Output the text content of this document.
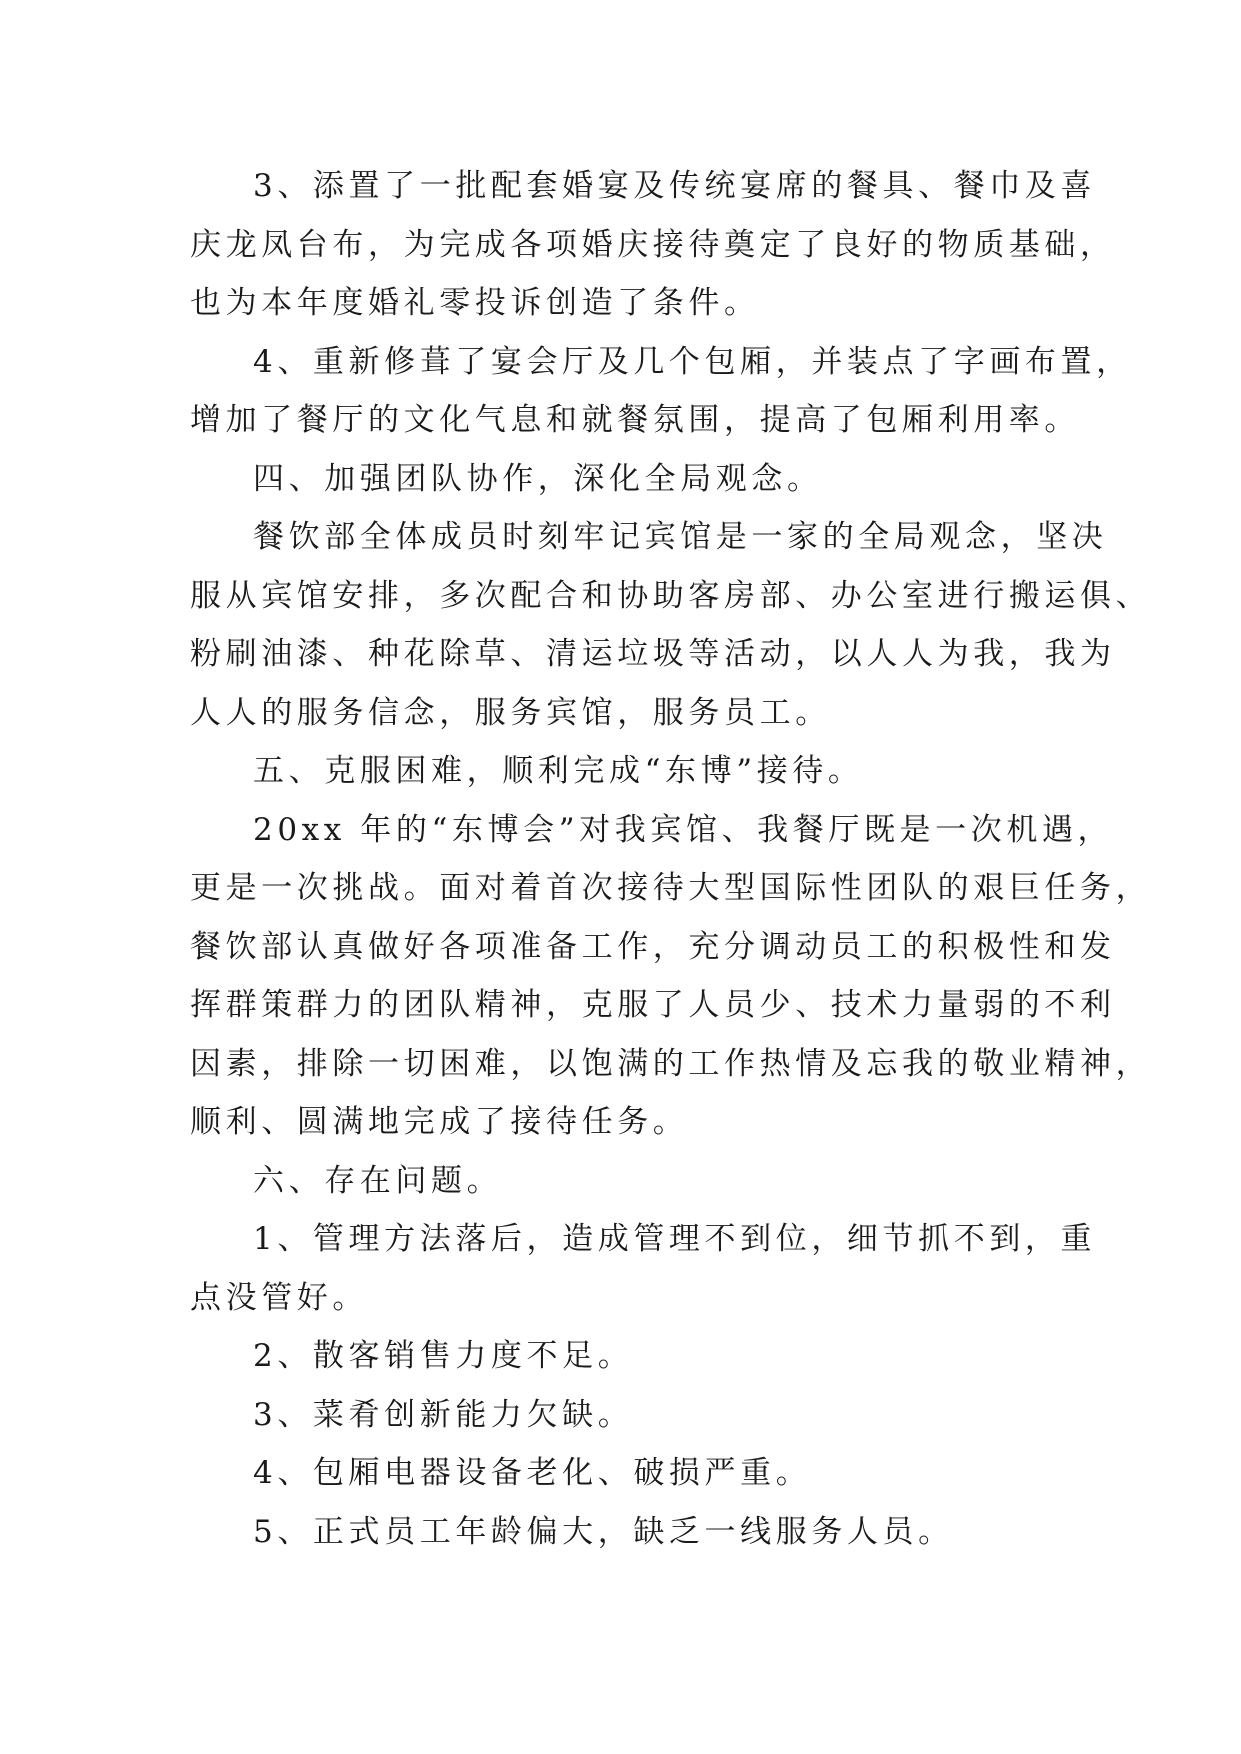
3、添置了一批配套婚宴及传统宴席的餐具、餐巾及喜
庆龙凤台布，为完成各项婚庆接待奠定了良好的物质基础，
也为本年度婚礼零投诉创造了条件。
4、重新修葺了宴会厅及几个包厢，并装点了字画布置，
增加了餐厅的文化气息和就餐氛围，提高了包厢利用率。
四、加强团队协作，深化全局观念。
餐饮部全体成员时刻牢记宾馆是一家的全局观念，坚决
服从宾馆安排，多次配合和协助客房部、办公室进行搬运俱、
粉刷油漆、种花除草、清运垃圾等活动，以人人为我，我为
人人的服务信念，服务宾馆，服务员工。
五、克服困难，顺利完成“东博”接待。
20xx 年的“东博会”对我宾馆、我餐厅既是一次机遇，
更是一次挑战。面对着首次接待大型国际性团队的艰巨任务，
餐饮部认真做好各项准备工作，充分调动员工的积极性和发
挥群策群力的团队精神，克服了人员少、技术力量弱的不利
因素，排除一切困难，以饱满的工作热情及忘我的敬业精神，
顺利、圆满地完成了接待任务。
六、存在问题。
1、管理方法落后，造成管理不到位，细节抓不到，重
点没管好。
2、散客销售力度不足。
3、菜肴创新能力欠缺。
4、包厢电器设备老化、破损严重。
5、正式员工年龄偏大，缺乏一线服务人员。
